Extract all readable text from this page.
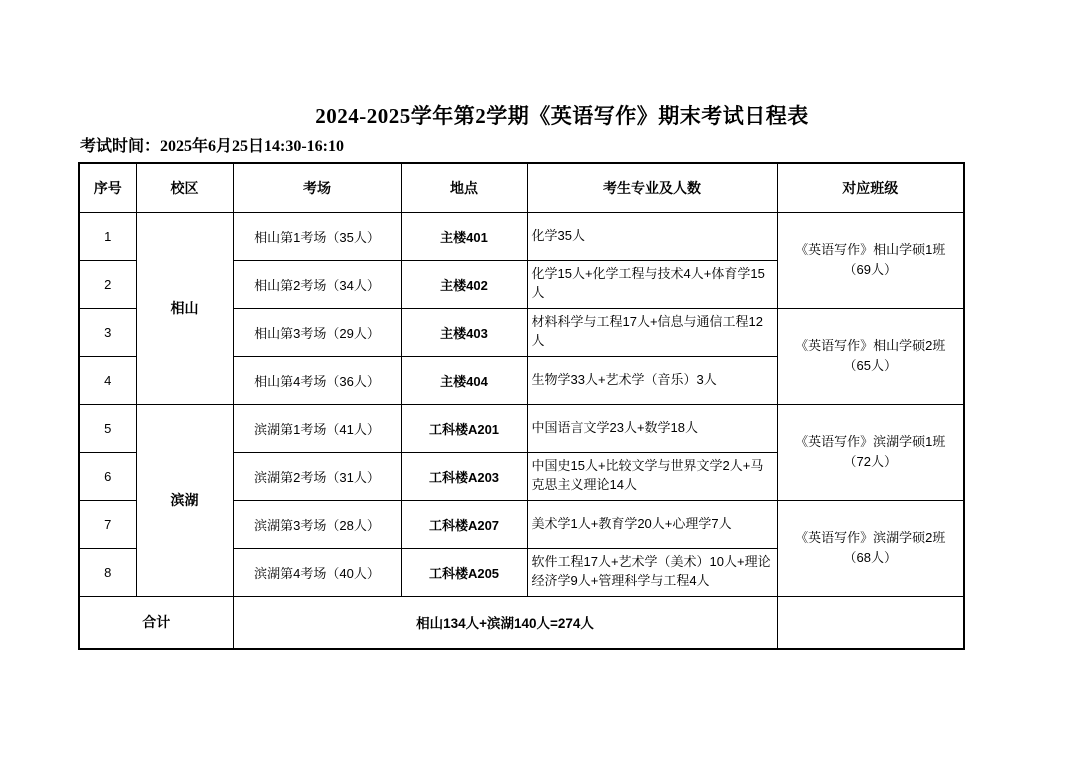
2024-2025学年第2学期《英语写作》期末考试日程表
考试时间：2025年6月25日14:30-16:10
序号	校区	考场	地点	考生专业及人数	对应班级
1	相山	相山第1考场（35人）	主楼401	化学35人	《英语写作》相山学硕1班
（69人）

2		相山第2考场（34人）	主楼402	化学15人+化学工程与技术4人+体育学15人	
3		相山第3考场（29人）	主楼403	材料科学与工程17人+信息与通信工程12人	《英语写作》相山学硕2班
（65人）

4		相山第4考场（36人）	主楼404	生物学33人+艺术学（音乐）3人	
5	滨湖	滨湖第1考场（41人）	工科楼A201	中国语言文学23人+数学18人	《英语写作》滨湖学硕1班
（72人）

6		滨湖第2考场（31人）	工科楼A203	中国史15人+比较文学与世界文学2人+马克思主义理论14人	
7		滨湖第3考场（28人）	工科楼A207	美术学1人+教育学20人+心理学7人	《英语写作》滨湖学硕2班
（68人）

8		滨湖第4考场（40人）	工科楼A205	软件工程17人+艺术学（美术）10人+理论经济学9人+管理科学与工程4人	
合计		相山134人+滨湖140人=274人			
